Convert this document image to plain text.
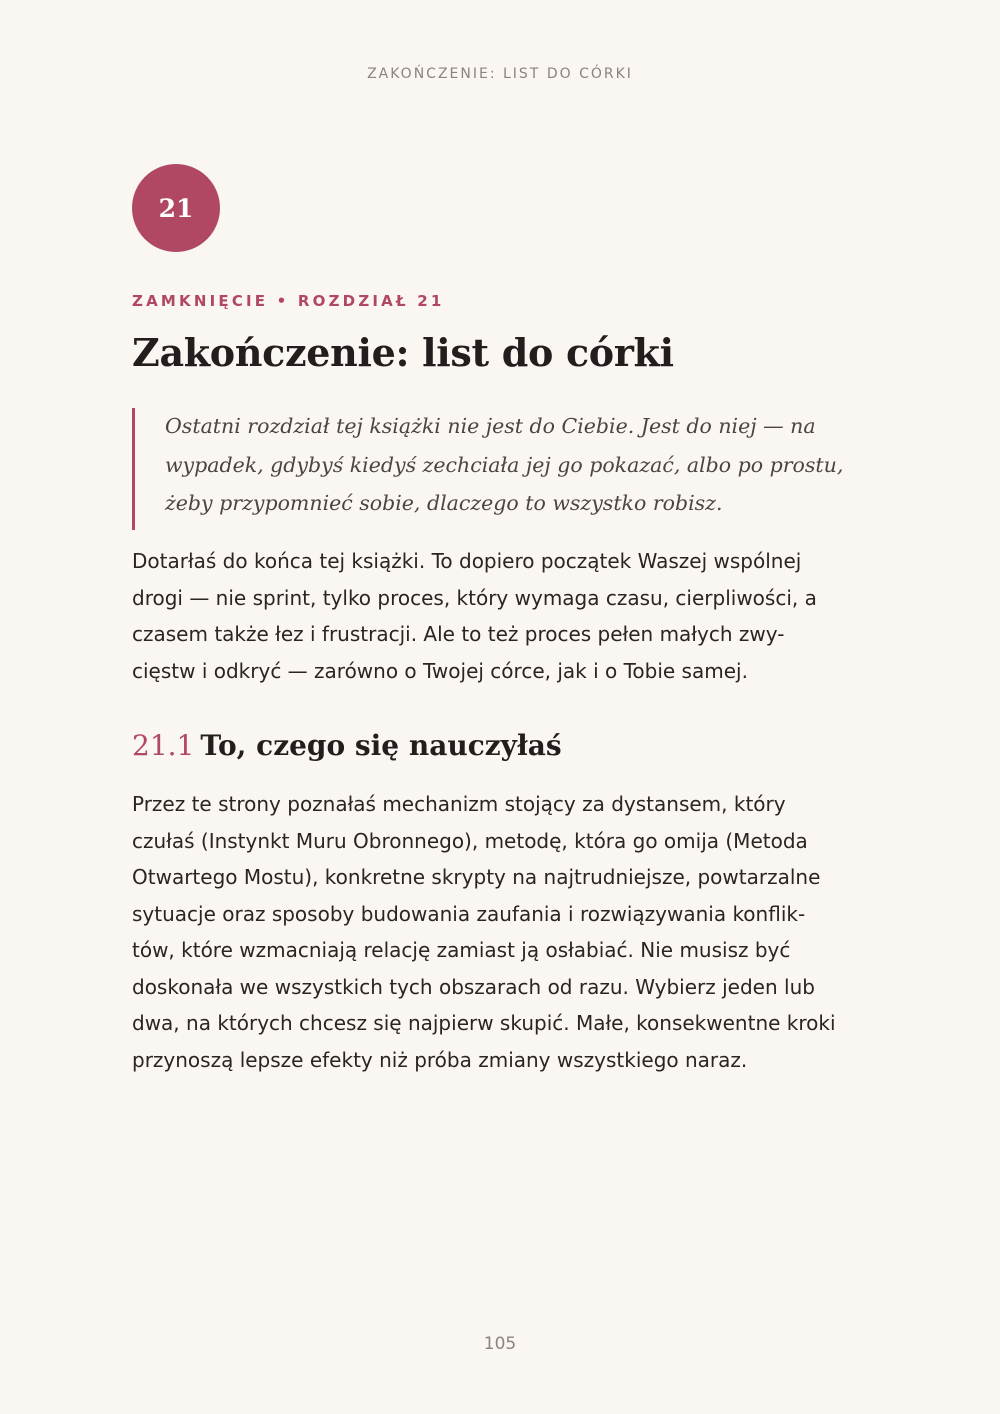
ZAKOŃCZENIE: LIST DO CÓRKI
21
ZAMKNIĘCIE • ROZDZIAŁ 21
Zakończenie: list do córki
Ostatni rozdział tej książki nie jest do Ciebie. Jest do niej — na
wypadek, gdybyś kiedyś zechciała jej go pokazać, albo po prostu,
żeby przypomnieć sobie, dlaczego to wszystko robisz.
Dotarłaś do końca tej książki. To dopiero początek Waszej wspólnej
drogi — nie sprint, tylko proces, który wymaga czasu, cierpliwości, a
czasem także łez i frustracji. Ale to też proces pełen małych zwy-
cięstw i odkryć — zarówno o Twojej córce, jak i o Tobie samej.
21.1 To, czego się nauczyłaś
Przez te strony poznałaś mechanizm stojący za dystansem, który
czułaś (Instynkt Muru Obronnego), metodę, która go omija (Metoda
Otwartego Mostu), konkretne skrypty na najtrudniejsze, powtarzalne
sytuacje oraz sposoby budowania zaufania i rozwiązywania konflik-
tów, które wzmacniają relację zamiast ją osłabiać. Nie musisz być
doskonała we wszystkich tych obszarach od razu. Wybierz jeden lub
dwa, na których chcesz się najpierw skupić. Małe, konsekwentne kroki
przynoszą lepsze efekty niż próba zmiany wszystkiego naraz.
105
